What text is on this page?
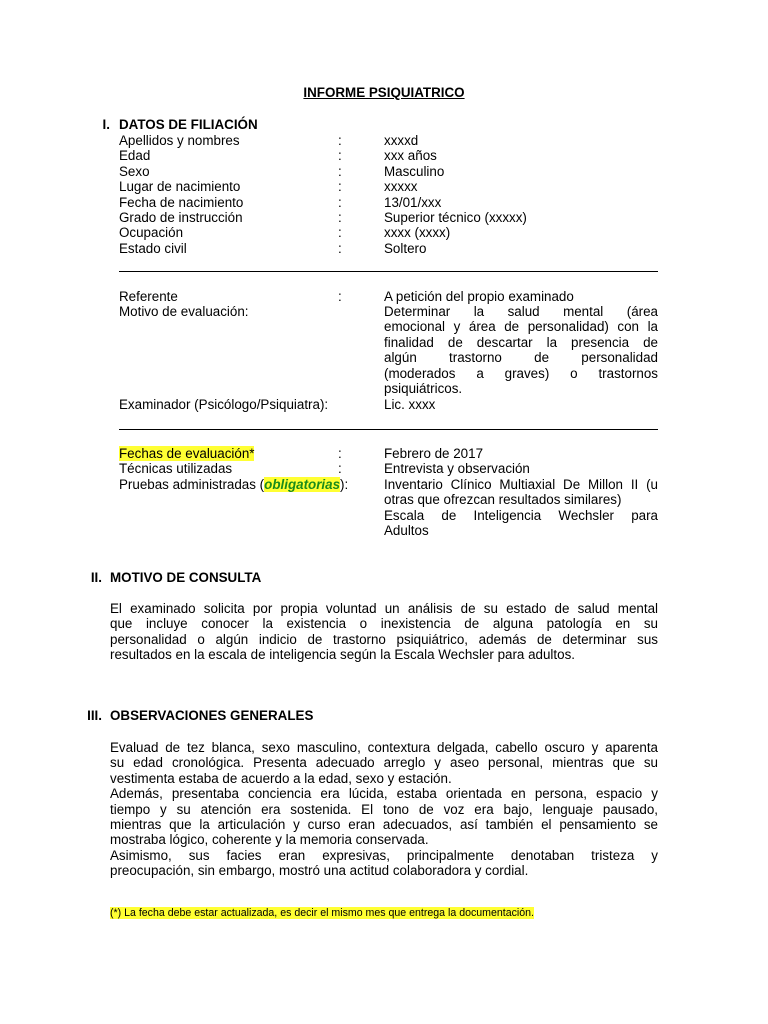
INFORME PSIQUIATRICO
I. DATOS DE FILIACIÓN
Apellidos y nombres	:	xxxxd
Edad	:	xxx años
Sexo	:	Masculino
Lugar de nacimiento	:	xxxxx
Fecha de nacimiento	:	13/01/xxx
Grado de instrucción	:	Superior técnico (xxxxx)
Ocupación	:	xxxx (xxxx)
Estado civil	:	Soltero
Referente	:	A petición del propio examinado
Motivo de evaluación:	Determinar la salud mental (área
emocional y área de personalidad) con la
finalidad de descartar la presencia de
algún trastorno de personalidad
(moderados a graves) o trastornos
psiquiátricos.
Examinador (Psicólogo/Psiquiatra):	Lic. xxxx
Fechas de evaluación*	:	Febrero de 2017
Técnicas utilizadas	:	Entrevista y observación
Pruebas administradas (obligatorias):	Inventario Clínico Multiaxial De Millon II (u
otras que ofrezcan resultados similares)
Escala de Inteligencia Wechsler para
Adultos
II. MOTIVO DE CONSULTA
El examinado solicita por propia voluntad un análisis de su estado de salud mental
que incluye conocer la existencia o inexistencia de alguna patología en su
personalidad o algún indicio de trastorno psiquiátrico, además de determinar sus
resultados en la escala de inteligencia según la Escala Wechsler para adultos.
III. OBSERVACIONES GENERALES
Evaluad de tez blanca, sexo masculino, contextura delgada, cabello oscuro y aparenta
su edad cronológica. Presenta adecuado arreglo y aseo personal, mientras que su
vestimenta estaba de acuerdo a la edad, sexo y estación.
Además, presentaba conciencia era lúcida, estaba orientada en persona, espacio y
tiempo y su atención era sostenida. El tono de voz era bajo, lenguaje pausado,
mientras que la articulación y curso eran adecuados, así también el pensamiento se
mostraba lógico, coherente y la memoria conservada.
Asimismo, sus facies eran expresivas, principalmente denotaban tristeza y
preocupación, sin embargo, mostró una actitud colaboradora y cordial.
(*) La fecha debe estar actualizada, es decir el mismo mes que entrega la documentación.
